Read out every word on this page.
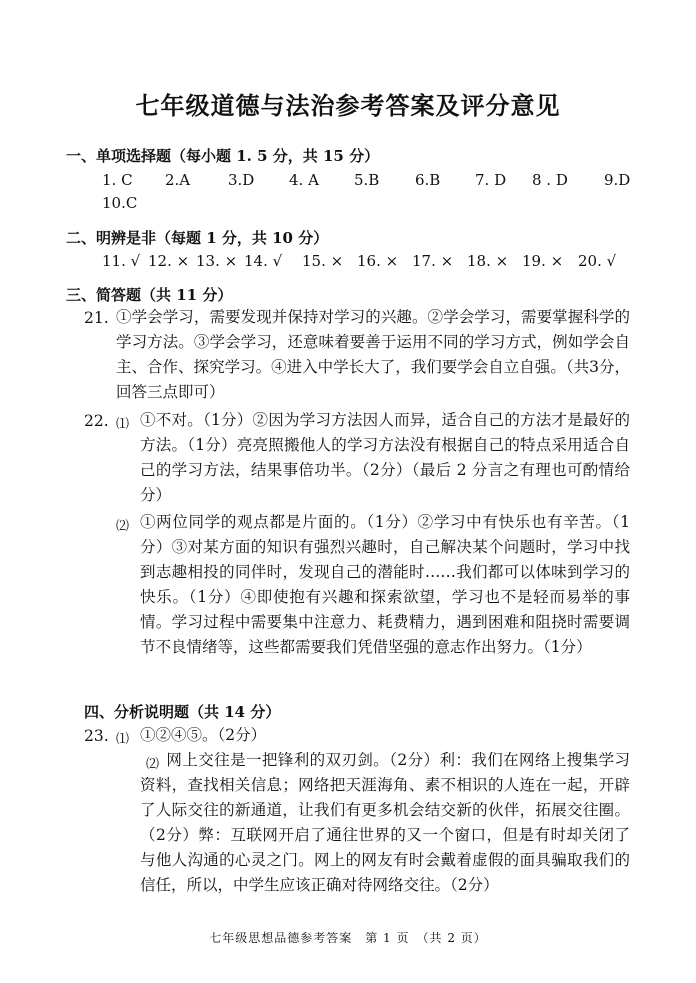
七年级道德与法治参考答案及评分意见
一、单项选择题（每小题 1. 5 分，共 15 分）
1. C 2.A	3.D 4. A 5.B 6.B 7. D 8 . D 9.D
10.C
二、明辨是非（每题 1 分，共 10 分）
11. √ 12. × 13. × 14. √ 15. × 16. × 17. × 18. × 19. × 20. √
三、简答题（共 11 分）
21. ①学会学习，需要发现并保持对学习的兴趣。②学会学习，需要掌握科学的学习方法。③学会学习，还意味着要善于运用不同的学习方式，例如学会自主、合作、探究学习。④进入中学长大了，我们要学会自立自强。（共3分，回答三点即可）
22. ⑴ ①不对。（1分）②因为学习方法因人而异，适合自己的方法才是最好的方法。（1分）亮亮照搬他人的学习方法没有根据自己的特点采用适合自己的学习方法，结果事倍功半。（2分）（最后 2 分言之有理也可酌情给分）
⑵ ①两位同学的观点都是片面的。（1分）②学习中有快乐也有辛苦。（1分）③对某方面的知识有强烈兴趣时，自己解决某个问题时，学习中找到志趣相投的同伴时，发现自己的潜能时……我们都可以体味到学习的快乐。（1分）④即使抱有兴趣和探索欲望，学习也不是轻而易举的事情。学习过程中需要集中注意力、耗费精力，遇到困难和阻挠时需要调节不良情绪等，这些都需要我们凭借坚强的意志作出努力。（1分）
四、分析说明题（共 14 分）
23. ⑴ ①②④⑤。（2分）
⑵ 网上交往是一把锋利的双刃剑。（2分）利：我们在网络上搜集学习资料，查找相关信息；网络把天涯海角、素不相识的人连在一起，开辟了人际交往的新通道，让我们有更多机会结交新的伙伴，拓展交往圈。（2分）弊：互联网开启了通往世界的又一个窗口，但是有时却关闭了与他人沟通的心灵之门。网上的网友有时会戴着虚假的面具骗取我们的信任，所以，中学生应该正确对待网络交往。（2分）
七年级思想品德参考答案　第 1 页　（共 2 页）
